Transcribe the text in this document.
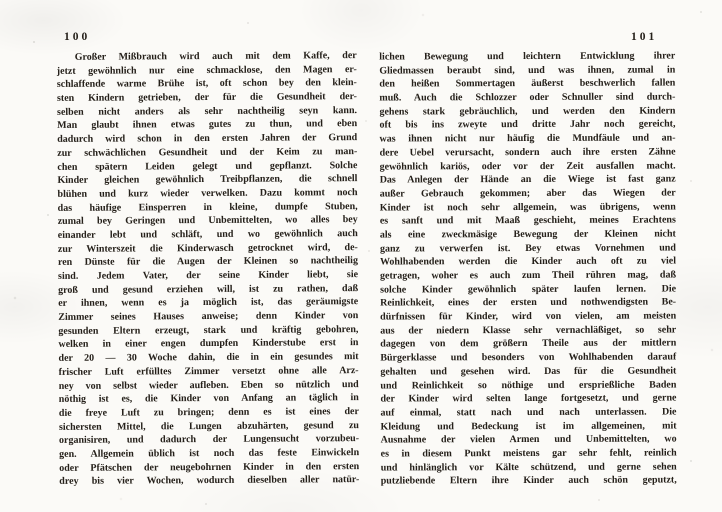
100	101
Großer Mißbrauch wird auch mit dem Kaffe, der
jetzt gewöhnlich nur eine schmacklose, den Magen er-
schlaffende warme Brühe ist, oft schon bey den klein-
sten Kindern getrieben, der für die Gesundheit der-
selben nicht anders als sehr nachtheilig seyn kann.
Man glaubt ihnen etwas gutes zu thun, und eben
dadurch wird schon in den ersten Jahren der Grund
zur schwächlichen Gesundheit und der Keim zu man-
chen spätern Leiden gelegt und gepflanzt. Solche
Kinder gleichen gewöhnlich Treibpflanzen, die schnell
blühen und kurz wieder verwelken. Dazu kommt noch
das häufige Einsperren in kleine, dumpfe Stuben,
zumal bey Geringen und Unbemittelten, wo alles bey
einander lebt und schläft, und wo gewöhnlich auch
zur Winterszeit die Kinderwasch getrocknet wird, de-
ren Dünste für die Augen der Kleinen so nachtheilig
sind. Jedem Vater, der seine Kinder liebt, sie
groß und gesund erziehen will, ist zu rathen, daß
er ihnen, wenn es ja möglich ist, das geräumigste
Zimmer seines Hauses anweise; denn Kinder von
gesunden Eltern erzeugt, stark und kräftig gebohren,
welken in einer engen dumpfen Kinderstube erst in
der 20 — 30 Woche dahin, die in ein gesundes mit
frischer Luft erfülltes Zimmer versetzt ohne alle Arz-
ney von selbst wieder aufleben. Eben so nützlich und
nöthig ist es, die Kinder von Anfang an täglich in
die freye Luft zu bringen; denn es ist eines der
sichersten Mittel, die Lungen abzuhärten, gesund zu
organisiren, und dadurch der Lungensucht vorzubeu-
gen. Allgemein üblich ist noch das feste Einwickeln
oder Pfätschen der neugebohrnen Kinder in den ersten
drey bis vier Wochen, wodurch dieselben aller natür-
lichen Bewegung und leichtern Entwicklung ihrer
Gliedmassen beraubt sind, und was ihnen, zumal in
den heißen Sommertagen äußerst beschwerlich fallen
muß. Auch die Schlozzer oder Schnuller sind durch-
gehens stark gebräuchlich, und werden den Kindern
oft bis ins zweyte und dritte Jahr noch gereicht,
was ihnen nicht nur häufig die Mundfäule und an-
dere Uebel verursacht, sondern auch ihre ersten Zähne
gewöhnlich kariös, oder vor der Zeit ausfallen macht.
Das Anlegen der Hände an die Wiege ist fast ganz
außer Gebrauch gekommen; aber das Wiegen der
Kinder ist noch sehr allgemein, was übrigens, wenn
es sanft und mit Maaß geschieht, meines Erachtens
als eine zweckmäsige Bewegung der Kleinen nicht
ganz zu verwerfen ist. Bey etwas Vornehmen und
Wohlhabenden werden die Kinder auch oft zu viel
getragen, woher es auch zum Theil rühren mag, daß
solche Kinder gewöhnlich später laufen lernen. Die
Reinlichkeit, eines der ersten und nothwendigsten Be-
dürfnissen für Kinder, wird von vielen, am meisten
aus der niedern Klasse sehr vernachläßiget, so sehr
dagegen von dem größern Theile aus der mittlern
Bürgerklasse und besonders von Wohlhabenden darauf
gehalten und gesehen wird. Das für die Gesundheit
und Reinlichkeit so nöthige und ersprießliche Baden
der Kinder wird selten lange fortgesetzt, und gerne
auf einmal, statt nach und nach unterlassen. Die
Kleidung und Bedeckung ist im allgemeinen, mit
Ausnahme der vielen Armen und Unbemittelten, wo
es in diesem Punkt meistens gar sehr fehlt, reinlich
und hinlänglich vor Kälte schützend, und gerne sehen
putzliebende Eltern ihre Kinder auch schön geputzt,
